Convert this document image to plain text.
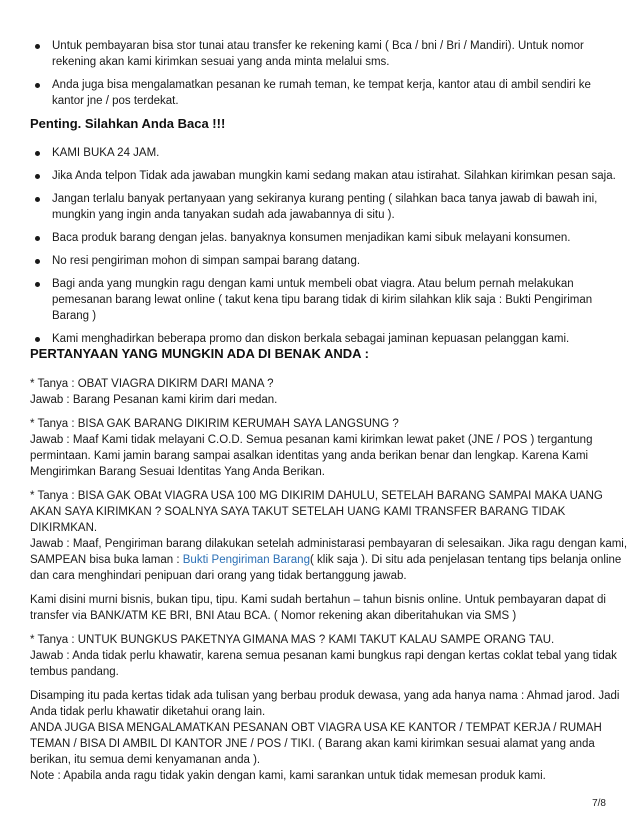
Untuk pembayaran bisa stor tunai atau transfer ke rekening kami ( Bca / bni / Bri / Mandiri). Untuk nomor
rekening akan kami kirimkan sesuai yang anda minta melalui sms.
Anda juga bisa mengalamatkan pesanan ke rumah teman, ke tempat kerja, kantor atau di ambil sendiri ke
kantor jne / pos terdekat.
Penting. Silahkan Anda Baca !!!
KAMI BUKA 24 JAM.
Jika Anda telpon Tidak ada jawaban mungkin kami sedang makan atau istirahat. Silahkan kirimkan pesan saja.
Jangan terlalu banyak pertanyaan yang sekiranya kurang penting ( silahkan baca tanya jawab di bawah ini,
mungkin yang ingin anda tanyakan sudah ada jawabannya di situ ).
Baca produk barang dengan jelas. banyaknya konsumen menjadikan kami sibuk melayani konsumen.
No resi pengiriman mohon di simpan sampai barang datang.
Bagi anda yang mungkin ragu dengan kami untuk membeli obat viagra. Atau belum pernah melakukan
pemesanan barang lewat online ( takut kena tipu barang tidak di kirim silahkan klik saja : Bukti Pengiriman
Barang )
Kami menghadirkan beberapa promo dan diskon berkala sebagai jaminan kepuasan pelanggan kami.
PERTANYAAN YANG MUNGKIN ADA DI BENAK ANDA :
* Tanya : OBAT VIAGRA DIKIRM DARI MANA ?
Jawab : Barang Pesanan kami kirim dari medan.
* Tanya : BISA GAK BARANG DIKIRIM KERUMAH SAYA LANGSUNG ?
Jawab : Maaf Kami tidak melayani C.O.D. Semua pesanan kami kirimkan lewat paket (JNE / POS ) tergantung
permintaan. Kami jamin barang sampai asalkan identitas yang anda berikan benar dan lengkap. Karena Kami
Mengirimkan Barang Sesuai Identitas Yang Anda Berikan.
* Tanya : BISA GAK OBAt VIAGRA USA 100 MG DIKIRIM DAHULU, SETELAH BARANG SAMPAI MAKA UANG
AKAN SAYA KIRIMKAN ? SOALNYA SAYA TAKUT SETELAH UANG KAMI TRANSFER BARANG TIDAK
DIKIRMKAN.
Jawab : Maaf, Pengiriman barang dilakukan setelah administarasi pembayaran di selesaikan. Jika ragu dengan kami,
SAMPEAN bisa buka laman : Bukti Pengiriman Barang( klik saja ). Di situ ada penjelasan tentang tips belanja online
dan cara menghindari penipuan dari orang yang tidak bertanggung jawab.
Kami disini murni bisnis, bukan tipu, tipu. Kami sudah bertahun – tahun bisnis online. Untuk pembayaran dapat di
transfer via BANK/ATM KE BRI, BNI Atau BCA. ( Nomor rekening akan diberitahukan via SMS )
* Tanya : UNTUK BUNGKUS PAKETNYA GIMANA MAS ? KAMI TAKUT KALAU SAMPE ORANG TAU.
Jawab : Anda tidak perlu khawatir, karena semua pesanan kami bungkus rapi dengan kertas coklat tebal yang tidak
tembus pandang.
Disamping itu pada kertas tidak ada tulisan yang berbau produk dewasa, yang ada hanya nama : Ahmad jarod. Jadi
Anda tidak perlu khawatir diketahui orang lain.
ANDA JUGA BISA MENGALAMATKAN PESANAN OBT VIAGRA USA KE KANTOR / TEMPAT KERJA / RUMAH
TEMAN / BISA DI AMBIL DI KANTOR JNE / POS / TIKI. ( Barang akan kami kirimkan sesuai alamat yang anda
berikan, itu semua demi kenyamanan anda ).
Note : Apabila anda ragu tidak yakin dengan kami, kami sarankan untuk tidak memesan produk kami.
7/8
